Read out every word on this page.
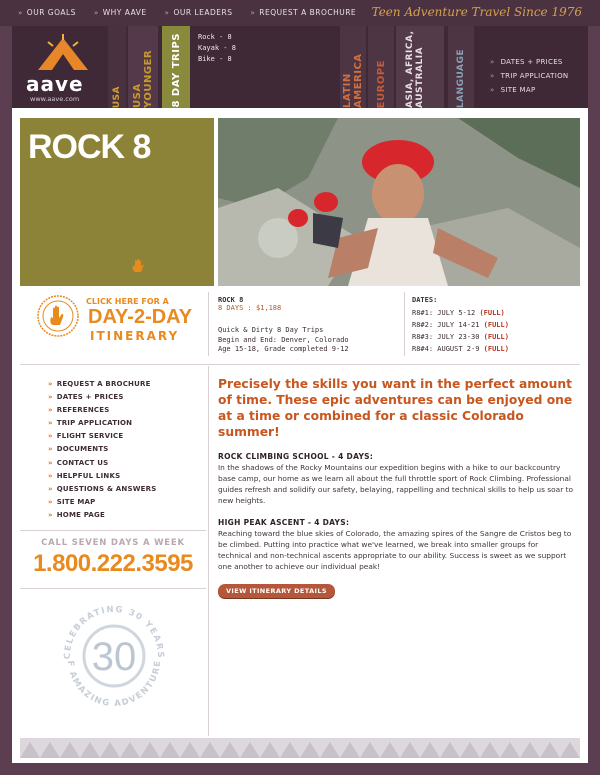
» OUR GOALS	» WHY AAVE	» OUR LEADERS	» REQUEST A BROCHURE Teen Adventure Travel Since 1976
aave
www.aave.com	USA USA YOUNGER 8 DAY TRIPS Rock - 8
Kayak - 8
Bike - 8
LATIN AMERICA EUROPE ASIA, AFRICA, AUSTRALIA	LANGUAGE	» DATES + PRICES
» TRIP APPLICATION
» SITE MAP
ROCK 8
CLICK HERE FOR A
DAY-2-DAY
ITINERARY
ROCK 8
8 DAYS : $1,188
Quick & Dirty 8 Day Trips
Begin and End: Denver, Colorado
Age 15-18, Grade completed 9-12
DATES:
R8#1: JULY 5-12 (FULL)
R8#2: JULY 14-21 (FULL)
R8#3: JULY 23-30 (FULL)
R8#4: AUGUST 2-9 (FULL)
» REQUEST A BROCHURE
» DATES + PRICES
» REFERENCES
» TRIP APPLICATION
» FLIGHT SERVICE
» DOCUMENTS
» CONTACT US
» HELPFUL LINKS
» QUESTIONS & ANSWERS
» SITE MAP
» HOME PAGE
CALL SEVEN DAYS A WEEK
1.800.222.3595
CELEBRATING 30 YEARS
F AMAZING ADVENTURE
30
Precisely the skills you want in the perfect amount of time. These epic adventures can be enjoyed one at a time or combined for a classic Colorado summer!
ROCK CLIMBING SCHOOL - 4 DAYS:
In the shadows of the Rocky Mountains our expedition begins with a hike to our backcountry base camp, our home as we learn all about the full throttle sport of Rock Climbing. Professional guides refresh and solidify our safety, belaying, rappelling and technical skills to help us soar to new heights.
HIGH PEAK ASCENT - 4 DAYS:
Reaching toward the blue skies of Colorado, the amazing spires of the Sangre de Cristos beg to be climbed. Putting into practice what we've learned, we break into smaller groups for technical and non-technical ascents appropriate to our ability. Success is sweet as we support one another to achieve our individual peak!
VIEW ITINERARY DETAILS
